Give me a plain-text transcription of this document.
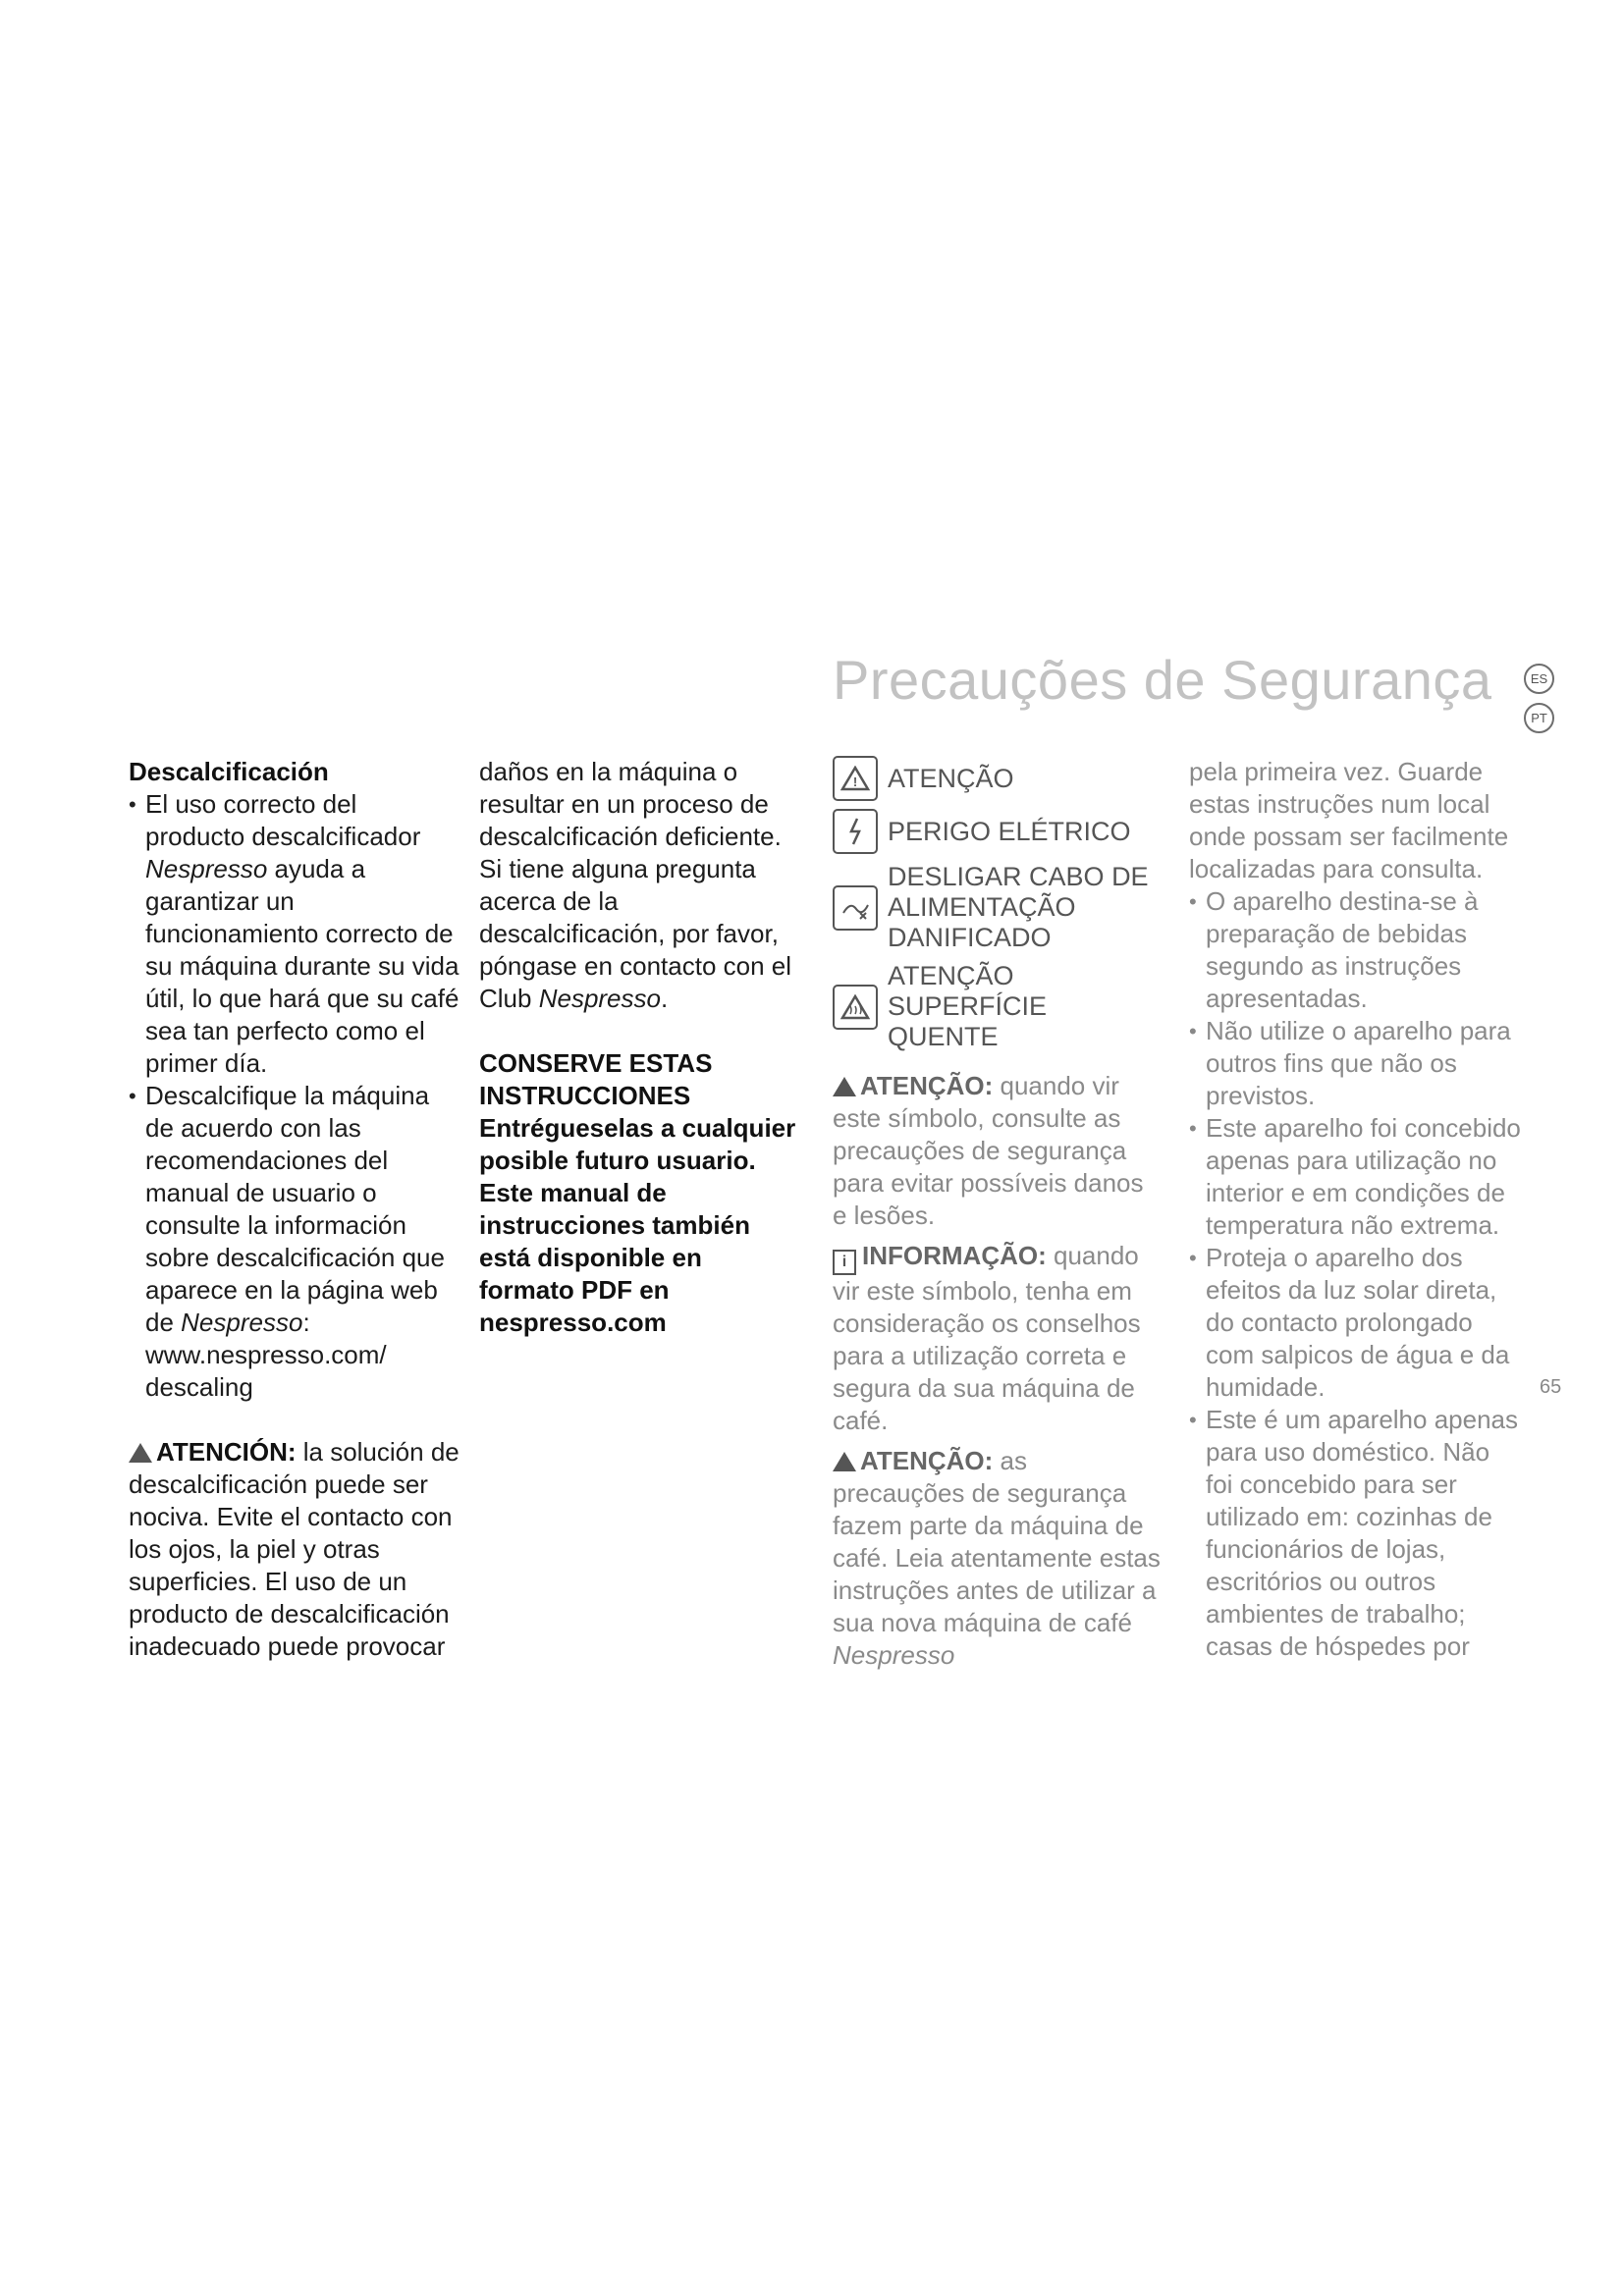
Precauções de Segurança	ES
PT
Descalcificación
• El uso correcto del producto descalcificador Nespresso ayuda a garantizar un funcionamiento correcto de su máquina durante su vida útil, lo que hará que su café sea tan perfecto como el primer día.
• Descalcifique la máquina de acuerdo con las recomendaciones del manual de usuario o consulte la información sobre descalcificación que aparece en la página web de Nespresso:
www.nespresso.com/ descaling
ATENCIÓN: la solución de descalcificación puede ser nociva. Evite el contacto con los ojos, la piel y otras superficies. El uso de un producto de descalcificación inadecuado puede provocar
daños en la máquina o resultar en un proceso de descalcificación deficiente. Si tiene alguna pregunta acerca de la descalcificación, por favor, póngase en contacto con el Club Nespresso.
CONSERVE ESTAS INSTRUCCIONES
Entrégueselas a cualquier posible futuro usuario. Este manual de instrucciones también está disponible en formato PDF en nespresso.com
! ATENÇÃO
PERIGO ELÉTRICO
DESLIGAR CABO DE ALIMENTAÇÃO DANIFICADO
ATENÇÃO SUPERFÍCIE QUENTE
ATENÇÃO: quando vir este símbolo, consulte as precauções de segurança para evitar possíveis danos e lesões.
i INFORMAÇÃO: quando vir este símbolo, tenha em consideração os conselhos para a utilização correta e segura da sua máquina de café.
ATENÇÃO: as precauções de segurança fazem parte da máquina de café. Leia atentamente estas instruções antes de utilizar a sua nova máquina de café Nespresso
pela primeira vez. Guarde estas instruções num local onde possam ser facilmente localizadas para consulta.
• O aparelho destina-se à preparação de bebidas segundo as instruções apresentadas.
• Não utilize o aparelho para outros fins que não os previstos.
• Este aparelho foi concebido apenas para utilização no interior e em condições de temperatura não extrema.
• Proteja o aparelho dos efeitos da luz solar direta, do contacto prolongado com salpicos de água e da humidade.
• Este é um aparelho apenas para uso doméstico. Não foi concebido para ser utilizado em: cozinhas de funcionários de lojas, escritórios ou outros ambientes de trabalho; casas de hóspedes por
65
